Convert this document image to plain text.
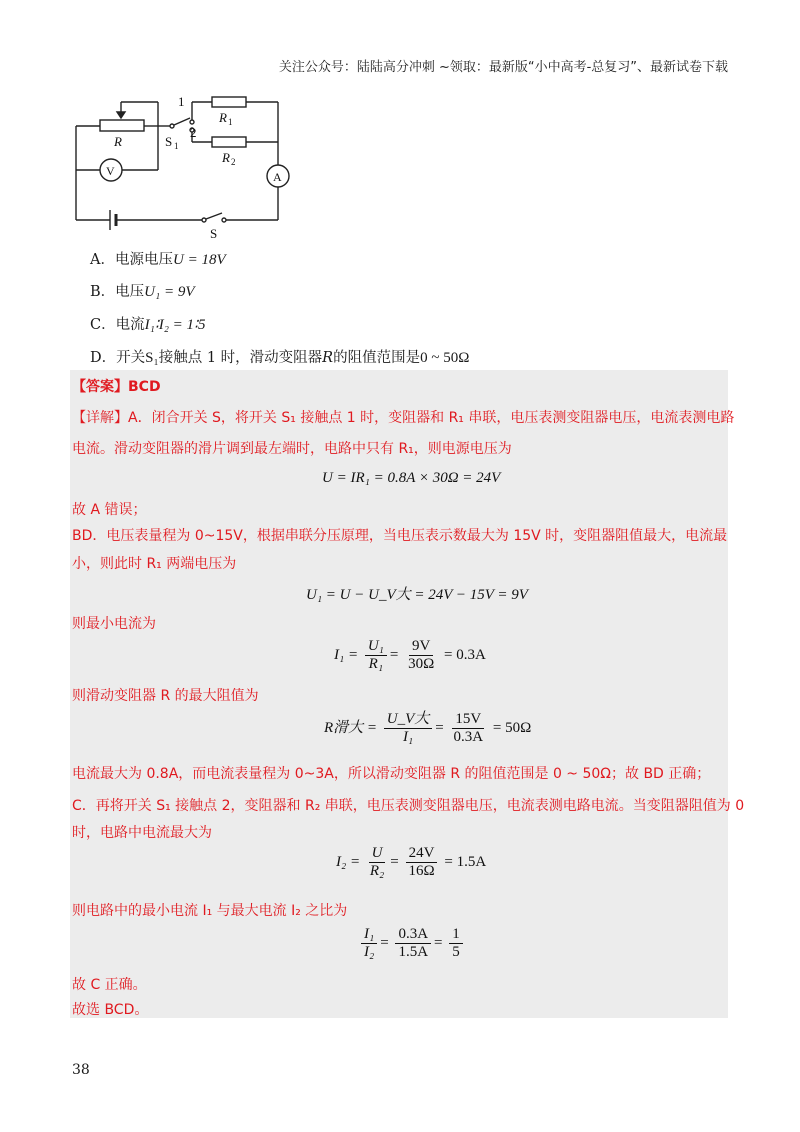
关注公众号：陆陆高分冲刺 ~领取：最新版“小中高考-总复习”、最新试卷下载
R
V
S 1
1
2
R 1
R 2
A
S
A．电源电压U = 18V
B．电压U₁ = 9V
C．电流I₁∶I₂ = 1∶5
D．开关S₁接触点 1 时，滑动变阻器R的阻值范围是0 ~ 50Ω
【答案】BCD
【详解】A．闭合开关 S，将开关 S₁ 接触点 1 时，变阻器和 R₁ 串联，电压表测变阻器电压，电流表测电路
电流。滑动变阻器的滑片调到最左端时，电路中只有 R₁，则电源电压为
U = IR₁ = 0.8A × 30Ω = 24V
故 A 错误；
BD．电压表量程为 0~15V，根据串联分压原理，当电压表示数最大为 15V 时，变阻器阻值最大，电流最
小，则此时 R₁ 两端电压为
U₁ = U − U_V大 = 24V − 15V = 9V
则最小电流为
$I_1 = \frac{\text{U₁}}{\text{R₁}} = \frac{9V}{30\Omega} = 0.3A$
则滑动变阻器 R 的最大阻值为
R滑大 = $\frac{\text{U\_V大}}{\text{I₁}} = \frac{15V}{0.3A} = 50\Omega$
电流最大为 0.8A，而电流表量程为 0~3A，所以滑动变阻器 R 的阻值范围是 0 ~ 50Ω；故 BD 正确；
C．再将开关 S₁ 接触点 2，变阻器和 R₂ 串联，电压表测变阻器电压，电流表测电路电流。当变阻器阻值为 0
时，电路中电流最大为
$I_2 = \frac{U}{\text{R₂}} = \frac{24V}{16\Omega} = 1.5A$
则电路中的最小电流 I₁ 与最大电流 I₂ 之比为
$\frac{\text{I₁}}{\text{I₂}} = \frac{0.3A}{1.5A} = \frac{1}{5}$
故 C 正确。
故选 BCD。
38
